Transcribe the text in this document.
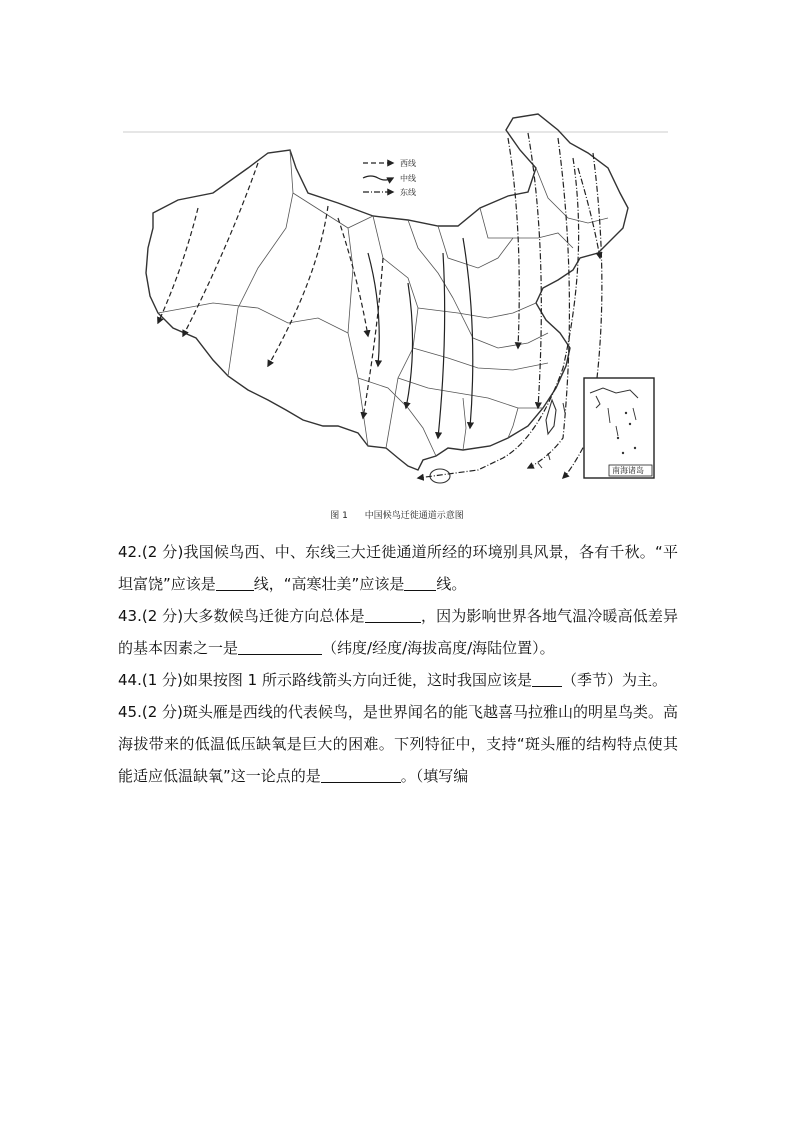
西线
中线
东线
南海诸岛
图 1 中国候鸟迁徙通道示意图

42.(2 分)我国候鸟西、中、东线三大迁徙通道所经的环境别具风景，各有千秋。“平坦富饶”应该是	线，“高寒壮美”应该是 线。

43.(2 分)大多数候鸟迁徙方向总体是	，因为影响世界各地气温冷暖高低差异的基本因素之一是	（纬度/经度/海拔高度/海陆位置）。

44.(1 分)如果按图 1 所示路线箭头方向迁徙，这时我国应该是 （季节）为主。

45.(2 分)斑头雁是西线的代表候鸟，是世界闻名的能飞越喜马拉雅山的明星鸟类。高海拔带来的低温低压缺氧是巨大的困难。下列特征中，支持“斑头雁的结构特点使其能适应低温缺氧”这一论点的是	。（填写编
